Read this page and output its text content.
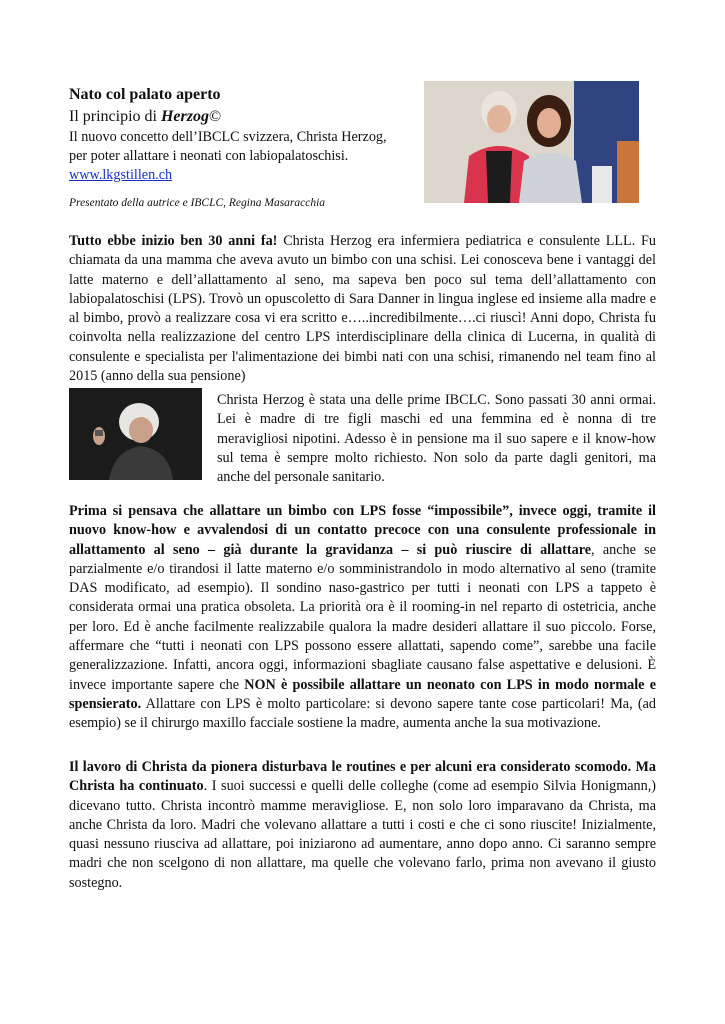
Nato col palato aperto
Il principio di Herzog©
Il nuovo concetto dell’IBCLC svizzera, Christa Herzog,
per poter allattare i neonati con labiopalatoschisi.
www.lkgstillen.ch
Presentato della autrice e IBCLC, Regina Masaracchia

Tutto ebbe inizio ben 30 anni fa! Christa Herzog era infermiera pediatrica e consulente LLL. Fu chiamata da una mamma che aveva avuto un bimbo con una schisi. Lei conosceva bene i vantaggi del latte materno e dell’allattamento al seno, ma sapeva ben poco sul tema dell’allattamento con labiopalatoschisi (LPS). Trovò un opuscoletto di Sara Danner in lingua inglese ed insieme alla madre e al bimbo, provò a realizzare cosa vi era scritto e…..incredibilmente….ci riuscì! Anni dopo, Christa fu coinvolta nella realizzazione del centro LPS interdisciplinare della clinica di Lucerna, in qualità di consulente e specialista per l'alimentazione dei bimbi nati con una schisi, rimanendo nel team fino al 2015 (anno della sua pensione)

Christa Herzog è stata una delle prime IBCLC. Sono passati 30 anni ormai. Lei è madre di tre figli maschi ed una femmina ed è nonna di tre meravigliosi nipotini. Adesso è in pensione ma il suo sapere e il know-how sul tema è sempre molto richiesto. Non solo da parte dagli genitori, ma anche del personale sanitario.

Prima si pensava che allattare un bimbo con LPS fosse “impossibile”, invece oggi, tramite il nuovo know-how e avvalendosi di un contatto precoce con una consulente professionale in allattamento al seno – già durante la gravidanza – si può riuscire di allattare, anche se parzialmente e/o tirandosi il latte materno e/o somministrandolo in modo alternativo al seno (tramite DAS modificato, ad esempio). Il sondino naso-gastrico per tutti i neonati con LPS a tappeto è considerata ormai una pratica obsoleta. La priorità ora è il rooming-in nel reparto di ostetricia, anche per loro. Ed è anche facilmente realizzabile qualora la madre desideri allattare il suo piccolo. Forse, affermare che “tutti i neonati con LPS possono essere allattati, sapendo come”, sarebbe una facile generalizzazione. Infatti, ancora oggi, informazioni sbagliate causano false aspettative e delusioni. È invece importante sapere che NON è possibile allattare un neonato con LPS in modo normale e spensierato. Allattare con LPS è molto particolare: si devono sapere tante cose particolari! Ma, (ad esempio) se il chirurgo maxillo facciale sostiene la madre, aumenta anche la sua motivazione.

Il lavoro di Christa da pionera disturbava le routines e per alcuni era considerato scomodo. Ma Christa ha continuato. I suoi successi e quelli delle colleghe (come ad esempio Silvia Honigmann,) dicevano tutto. Christa incontrò mamme meravigliose. E, non solo loro imparavano da Christa, ma anche Christa da loro. Madri che volevano allattare a tutti i costi e che ci sono riuscite! Inizialmente, quasi nessuno riusciva ad allattare, poi iniziarono ad aumentare, anno dopo anno. Ci saranno sempre madri che non scelgono di non allattare, ma quelle che volevano farlo, prima non avevano il giusto sostegno.
